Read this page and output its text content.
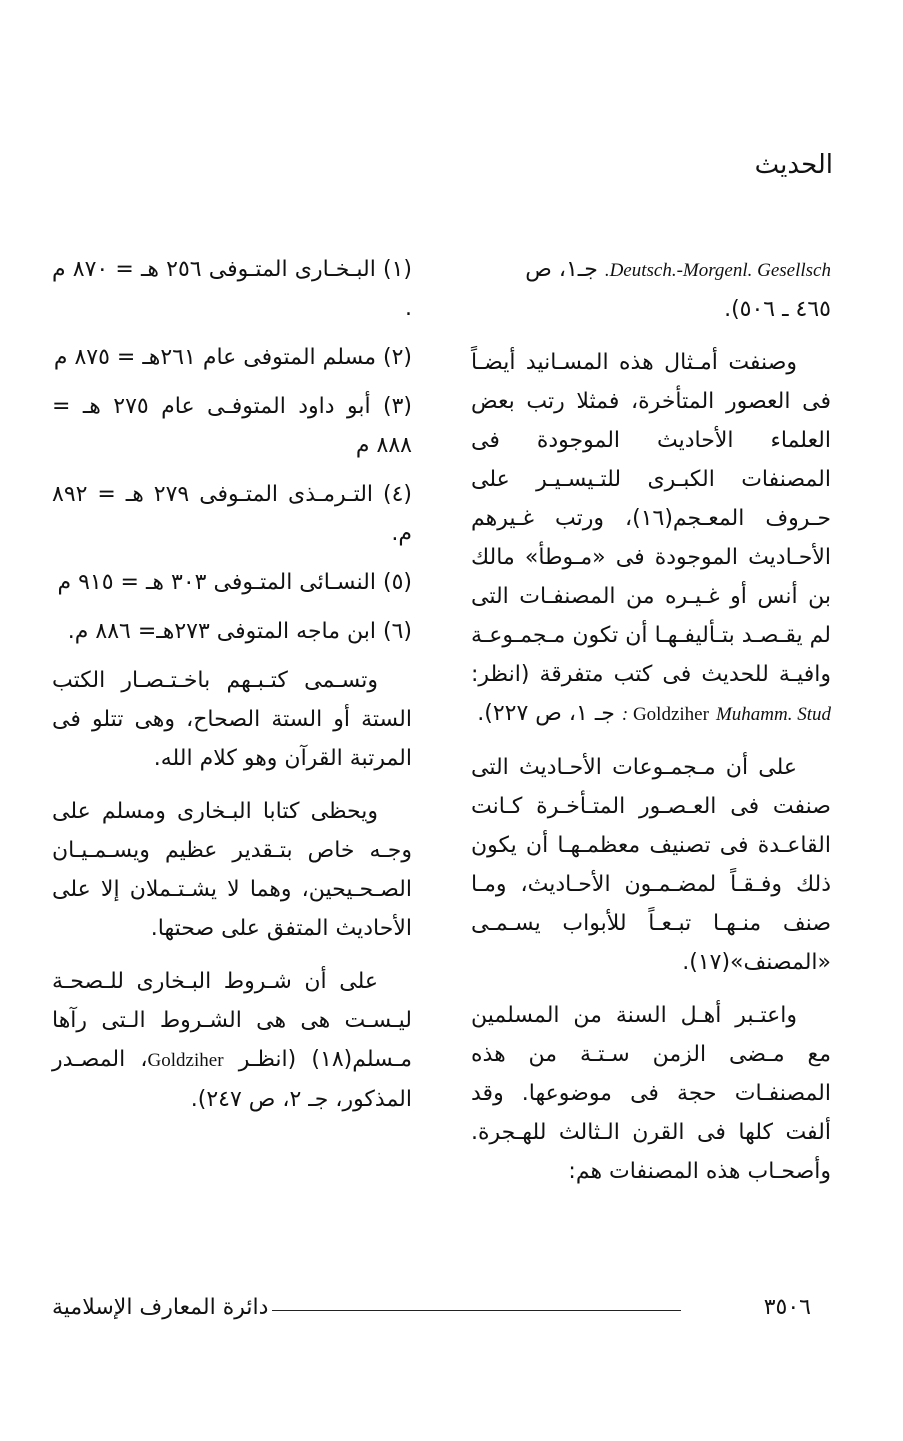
الحديث

Deutsch.-Morgenl. Gesellsch. جـ١، ص
٤٦٥ ـ ٥٠٦).

وصنفت أمـثال هذه المسـانيد أيضـاً فى العصور المتأخرة، فمثلا رتب بعض العلماء الأحاديث الموجودة فى المصنفات الكبـرى للتـيسـيـر على حـروف المعـجم(١٦)، ورتب غـيرهم الأحـاديث الموجودة فى «مـوطأ» مالك بن أنس أو غـيـره من المصنفـات التى لم يقـصـد بتـأليفـهـا أن تكون مـجمـوعـة وافيـة للحديث فى كتب متفرقة (انظر: Goldziher Muhamm. Stud : جـ ١، ص ٢٢٧).

على أن مـجمـوعات الأحـاديث التى صنفت فى العـصـور المتـأخـرة كـانت القاعـدة فى تصنيف معظمـهـا أن يكون ذلك وفـقـاً لمضـمـون الأحـاديث، ومـا صنف منـهـا تبـعـاً للأبواب يسـمـى «المصنف»(١٧).

واعتـبر أهـل السنة من المسلمين مع مـضى الزمن سـتـة من هذه المصنفـات حجة فى موضوعها. وقد ألفت كلها فى القرن الـثالث للهـجرة. وأصحـاب هذه المصنفات هم:

(١) البـخـارى المتـوفى ٢٥٦ هـ = ٨٧٠ م .

(٢) مسلم المتوفى عام ٢٦١هـ = ٨٧٥ م

(٣) أبو داود المتوفـى عام ٢٧٥ هـ = ٨٨٨ م

(٤) التـرمـذى المتـوفى ٢٧٩ هـ = ٨٩٢ م.

(٥) النسـائى المتـوفى ٣٠٣ هـ = ٩١٥ م

(٦) ابن ماجه المتوفى ٢٧٣هـ= ٨٨٦ م.

وتسـمى كتـبـهم باخـتـصـار الكتب الستة أو الستة الصحاح، وهى تتلو فى المرتبة القرآن وهو كلام الله.

ويحظى كتابا البـخارى ومسلم على وجـه خاص بتـقدير عظيم ويسـمـيـان الصـحـيحين، وهما لا يشـتـملان إلا على الأحاديث المتفق على صحتها.

على أن شـروط البـخارى للـصحـة ليـسـت هى هى الشـروط الـتى رآها مـسلم(١٨) (انظـر Goldziher، المصـدر المذكور، جـ ٢، ص ٢٤٧).

٣٥٠٦
دائرة المعارف الإسلامية
